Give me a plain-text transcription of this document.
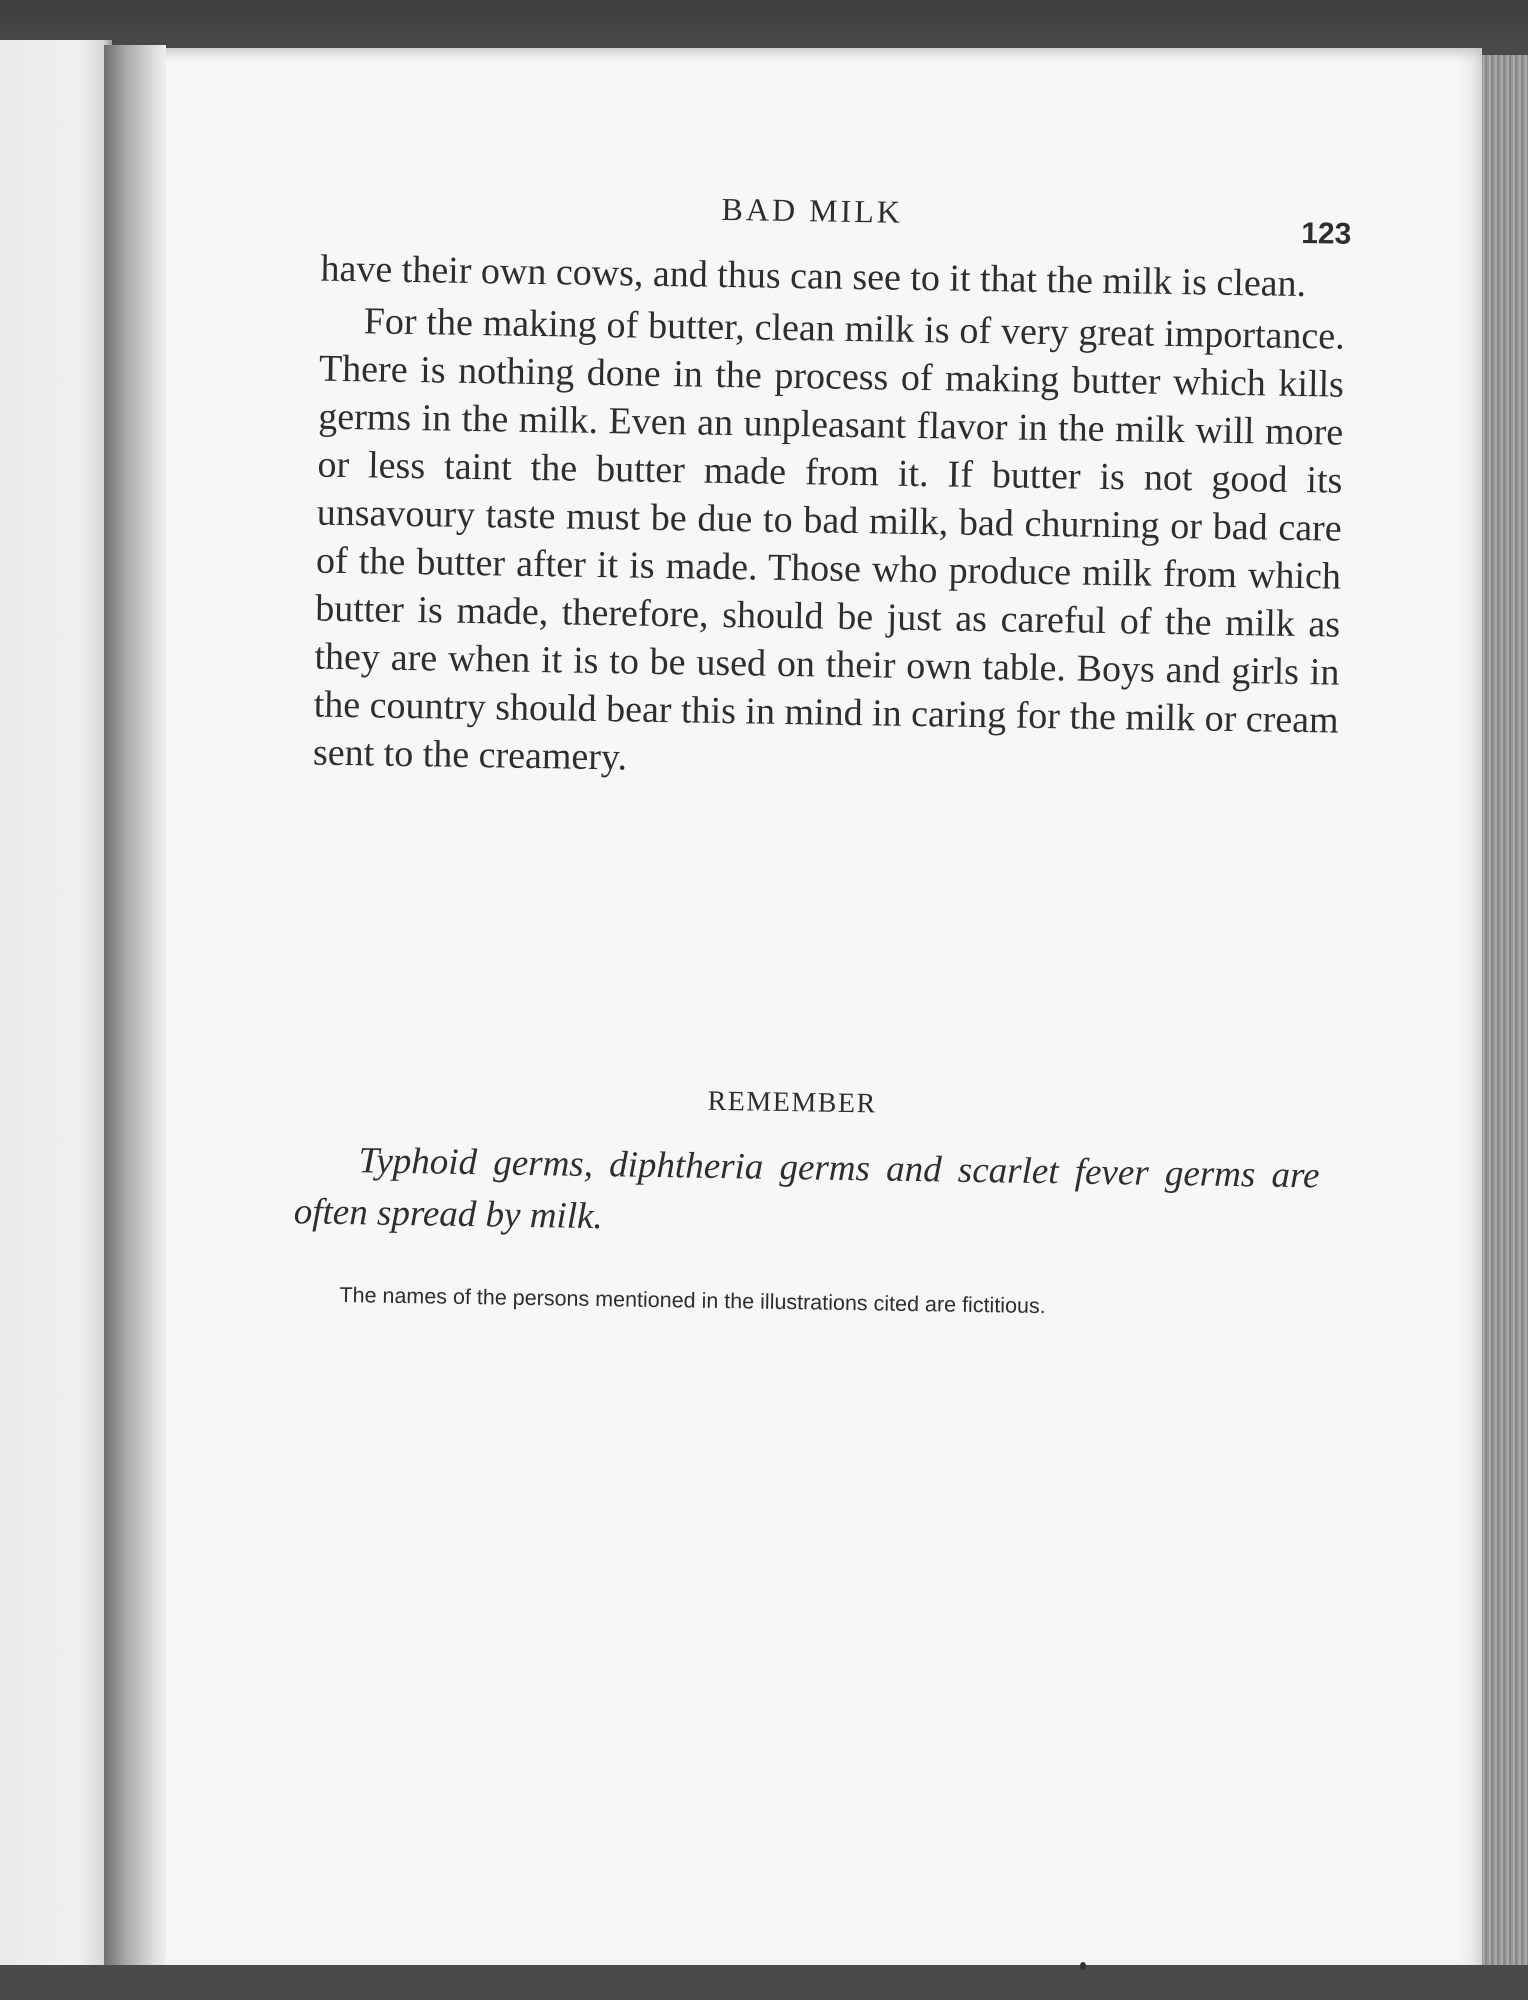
BAD MILK
123

have their own cows, and thus can see to it that the milk is clean.

For the making of butter, clean milk is of very great importance. There is nothing done in the process of making butter which kills germs in the milk. Even an unpleasant flavor in the milk will more or less taint the butter made from it. If butter is not good its unsavoury taste must be due to bad milk, bad churning or bad care of the butter after it is made. Those who produce milk from which butter is made, therefore, should be just as careful of the milk as they are when it is to be used on their own table. Boys and girls in the country should bear this in mind in caring for the milk or cream sent to the creamery.

REMEMBER
Typhoid germs, diphtheria germs and scarlet fever germs are often spread by milk.
The names of the persons mentioned in the illustrations cited are fictitious.
